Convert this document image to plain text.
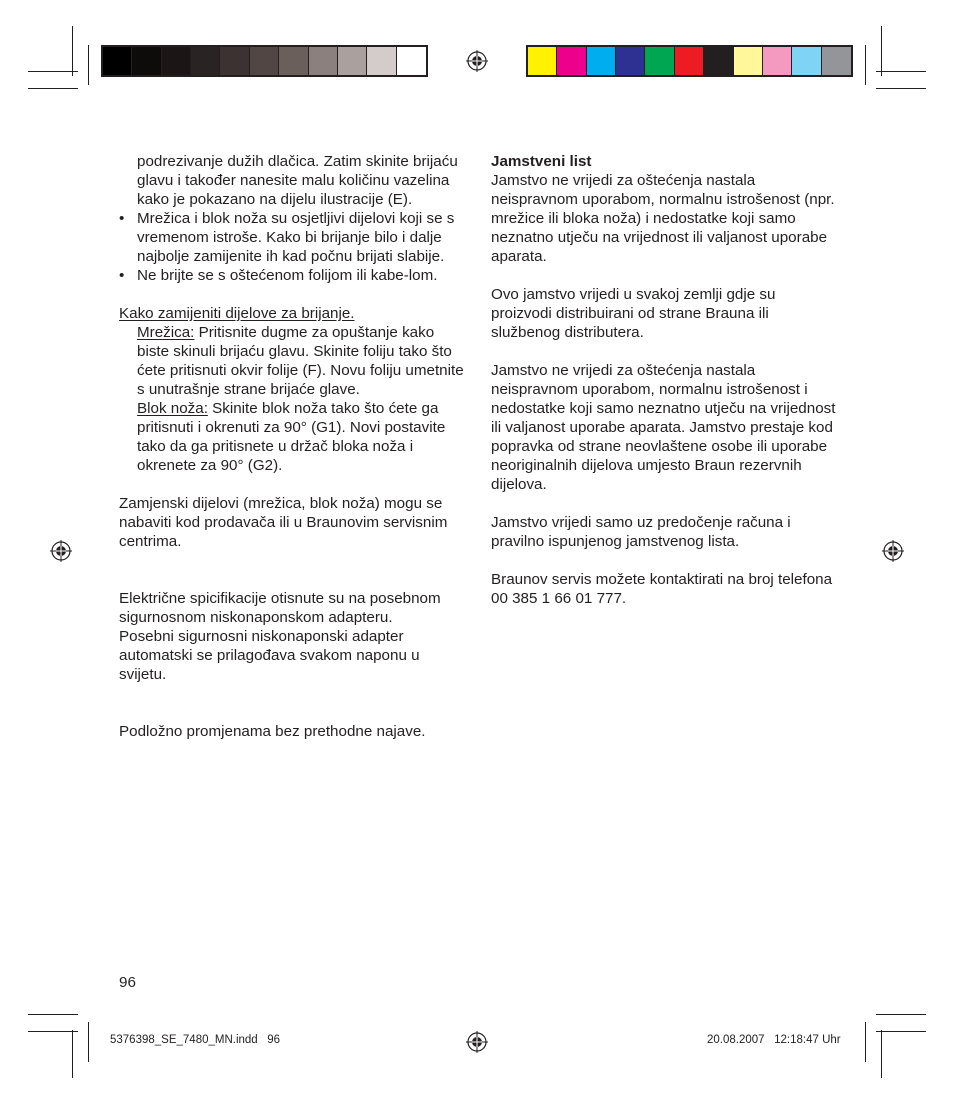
podrezivanje dužih dlačica. Zatim skinite brijaću glavu i također nanesite malu količinu vazelina kako je pokazano na dijelu ilustracije (E).

• Mrežica i blok noža su osjetljivi dijelovi koji se s vremenom istroše. Kako bi brijanje bilo i dalje najbolje zamijenite ih kad počnu brijati slabije.

• Ne brijte se s oštećenom folijom ili kabe-lom.

Kako zamijeniti dijelove za brijanje.

Mrežica: Pritisnite dugme za opuštanje kako biste skinuli brijaću glavu. Skinite foliju tako što ćete pritisnuti okvir folije (F). Novu foliju umetnite s unutrašnje strane brijaće glave.

Blok noža: Skinite blok noža tako što ćete ga pritisnuti i okrenuti za 90° (G1). Novi postavite tako da ga pritisnete u držač bloka noža i okrenete za 90° (G2).

Zamjenski dijelovi (mrežica, blok noža) mogu se nabaviti kod prodavača ili u Braunovim servisnim centrima.

Električne spicifikacije otisnute su na posebnom sigurnosnom niskonaponskom adapteru.

Posebni sigurnosni niskonaponski adapter automatski se prilagođava svakom naponu u svijetu.

Podložno promjenama bez prethodne najave.

Jamstveni list

Jamstvo ne vrijedi za oštećenja nastala neispravnom uporabom, normalnu istrošenost (npr. mrežice ili bloka noža) i nedostatke koji samo neznatno utječu na vrijednost ili valjanost uporabe aparata.

Ovo jamstvo vrijedi u svakoj zemlji gdje su proizvodi distribuirani od strane Brauna ili službenog distributera.

Jamstvo ne vrijedi za oštećenja nastala neispravnom uporabom, normalnu istrošenost i nedostatke koji samo neznatno utječu na vrijednost ili valjanost uporabe aparata. Jamstvo prestaje kod popravka od strane neovlaštene osobe ili uporabe neoriginalnih dijelova umjesto Braun rezervnih dijelova.

Jamstvo vrijedi samo uz predočenje računa i pravilno ispunjenog jamstvenog lista.

Braunov servis možete kontaktirati na broj telefona 00 385 1 66 01 777.

96
5376398_SE_7480_MN.indd   96	20.08.2007   12:18:47 Uhr
